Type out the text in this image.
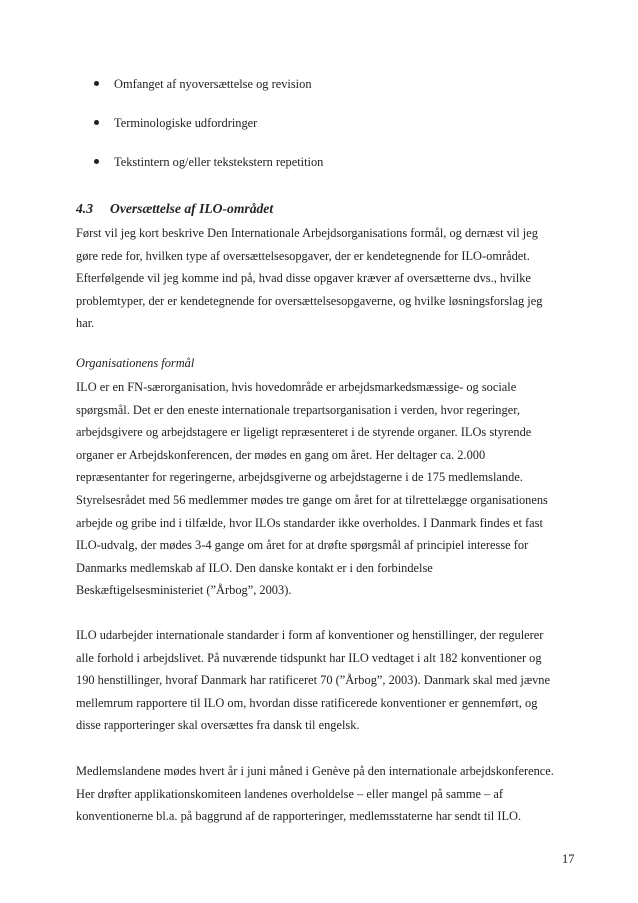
Omfanget af nyoversættelse og revision
Terminologiske udfordringer
Tekstintern og/eller tekstekstern repetition
4.3 Oversættelse af ILO-området

Først vil jeg kort beskrive Den Internationale Arbejdsorganisations formål, og dernæst vil jeg
gøre rede for, hvilken type af oversættelsesopgaver, der er kendetegnende for ILO-området.
Efterfølgende vil jeg komme ind på, hvad disse opgaver kræver af oversætterne dvs., hvilke
problemtyper, der er kendetegnende for oversættelsesopgaverne, og hvilke løsningsforslag jeg
har.

Organisationens formål

ILO er en FN-særorganisation, hvis hovedområde er arbejdsmarkedsmæssige- og sociale
spørgsmål. Det er den eneste internationale trepartsorganisation i verden, hvor regeringer,
arbejdsgivere og arbejdstagere er ligeligt repræsenteret i de styrende organer. ILOs styrende
organer er Arbejdskonferencen, der mødes en gang om året. Her deltager ca. 2.000
repræsentanter for regeringerne, arbejdsgiverne og arbejdstagerne i de 175 medlemslande.
Styrelsesrådet med 56 medlemmer mødes tre gange om året for at tilrettelægge organisationens
arbejde og gribe ind i tilfælde, hvor ILOs standarder ikke overholdes. I Danmark findes et fast
ILO-udvalg, der mødes 3-4 gange om året for at drøfte spørgsmål af principiel interesse for
Danmarks medlemskab af ILO. Den danske kontakt er i den forbindelse
Beskæftigelsesministeriet (”Årbog”, 2003).

ILO udarbejder internationale standarder i form af konventioner og henstillinger, der regulerer
alle forhold i arbejdslivet. På nuværende tidspunkt har ILO vedtaget i alt 182 konventioner og
190 henstillinger, hvoraf Danmark har ratificeret 70 (”Årbog”, 2003). Danmark skal med jævne
mellemrum rapportere til ILO om, hvordan disse ratificerede konventioner er gennemført, og
disse rapporteringer skal oversættes fra dansk til engelsk.

Medlemslandene mødes hvert år i juni måned i Genève på den internationale arbejdskonference.
Her drøfter applikationskomiteen landenes overholdelse – eller mangel på samme – af
konventionerne bl.a. på baggrund af de rapporteringer, medlemsstaterne har sendt til ILO.

17
